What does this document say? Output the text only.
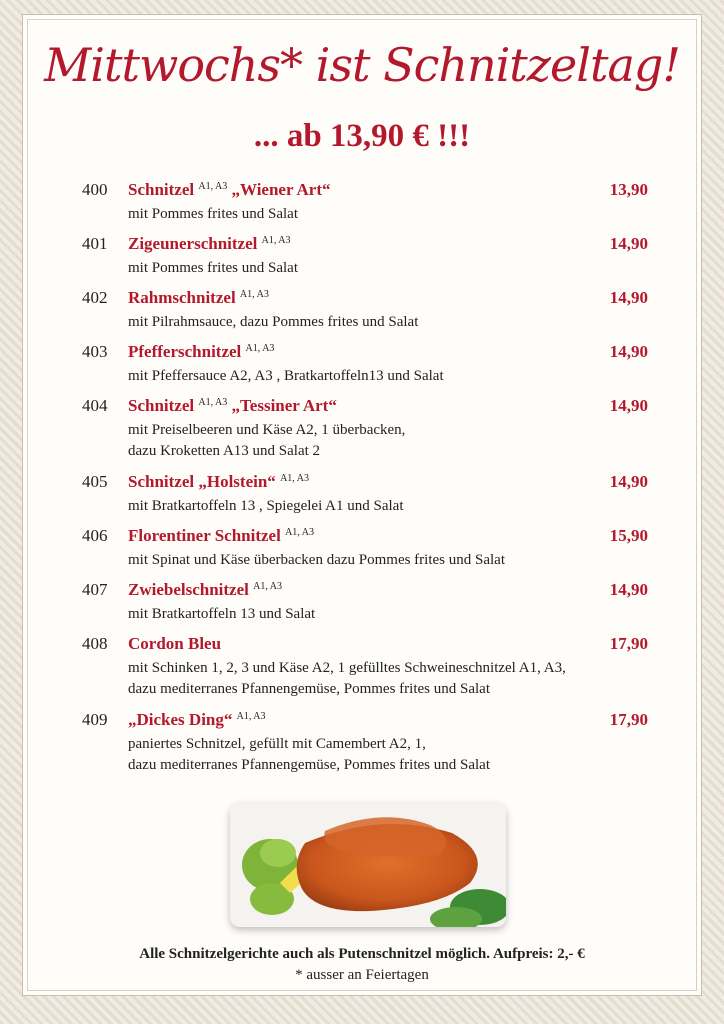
Mittwochs* ist Schnitzeltag!
... ab 13,90 € !!!
400 Schnitzel $^{A1, A3}$ „Wiener Art“	13,90
mit Pommes frites und Salat
401 Zigeunerschnitzel $^{A1, A3}$	14,90
mit Pommes frites und Salat
402 Rahmschnitzel $^{A1, A3}$	14,90
mit Pilrahmsauce, dazu Pommes frites und Salat
403 Pfefferschnitzel $^{A1, A3}$	14,90
mit Pfeffersauce A2, A3 , Bratkartoffeln13 und Salat
404 Schnitzel $^{A1, A3}$ „Tessiner Art“	14,90
mit Preiselbeeren und Käse A2, 1 überbacken,
dazu Kroketten A13 und Salat 2
405 Schnitzel „Holstein“ $^{A1, A3}$	14,90
mit Bratkartoffeln 13 , Spiegelei A1 und Salat
406 Florentiner Schnitzel $^{A1, A3}$	15,90
mit Spinat und Käse überbacken dazu Pommes frites und Salat
407 Zwiebelschnitzel $^{A1, A3}$	14,90
mit Bratkartoffeln 13 und Salat
408 Cordon Bleu	17,90
mit Schinken 1, 2, 3 und Käse A2, 1 gefülltes Schweineschnitzel A1, A3,
dazu mediterranes Pfannengemüse, Pommes frites und Salat
409 „Dickes Ding“ $^{A1, A3}$	17,90
paniertes Schnitzel, gefüllt mit Camembert A2, 1,
dazu mediterranes Pfannengemüse, Pommes frites und Salat
Alle Schnitzelgerichte auch als Putenschnitzel möglich. Aufpreis: 2,- €
* ausser an Feiertagen
